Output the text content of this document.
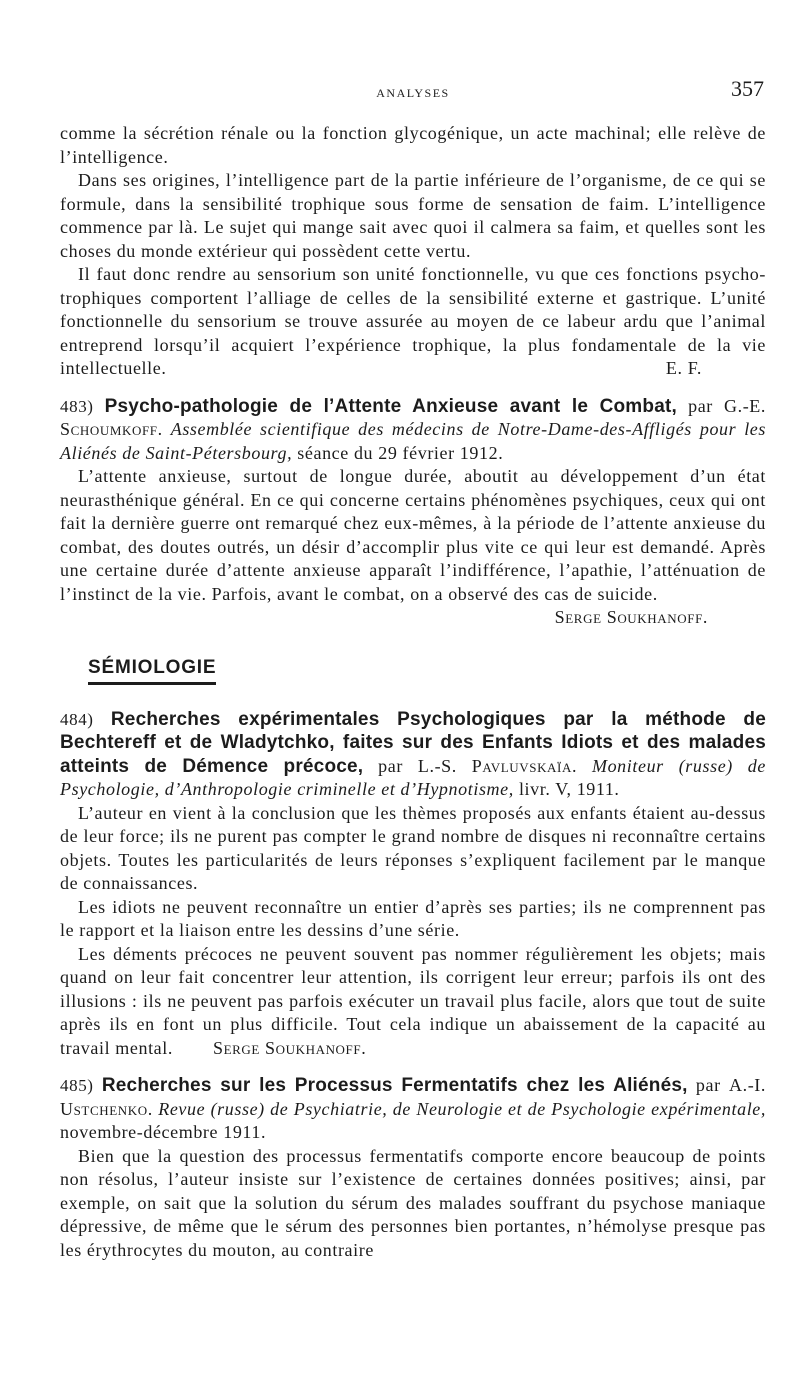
ANALYSES	357

comme la sécrétion rénale ou la fonction glycogénique, un acte machinal; elle relève de l’intelligence.

Dans ses origines, l’intelligence part de la partie inférieure de l’organisme, de ce qui se formule, dans la sensibilité trophique sous forme de sensation de faim. L’intelligence commence par là. Le sujet qui mange sait avec quoi il calmera sa faim, et quelles sont les choses du monde extérieur qui possèdent cette vertu.

Il faut donc rendre au sensorium son unité fonctionnelle, vu que ces fonctions psycho-trophiques comportent l’alliage de celles de la sensibilité externe et gastrique. L’unité fonctionnelle du sensorium se trouve assurée au moyen de ce labeur ardu que l’animal entreprend lorsqu’il acquiert l’expérience trophique, la plus fondamentale de la vie intellectuelle.	E. F.

483) Psycho-pathologie de l’Attente Anxieuse avant le Combat, par G.-E. Schoumkoff. Assemblée scientifique des médecins de Notre-Dame-des-Affligés pour les Aliénés de Saint-Pétersbourg, séance du 29 février 1912.

L’attente anxieuse, surtout de longue durée, aboutit au développement d’un état neurasthénique général. En ce qui concerne certains phénomènes psychiques, ceux qui ont fait la dernière guerre ont remarqué chez eux-mêmes, à la période de l’attente anxieuse du combat, des doutes outrés, un désir d’accomplir plus vite ce qui leur est demandé. Après une certaine durée d’attente anxieuse apparaît l’indifférence, l’apathie, l’atténuation de l’instinct de la vie. Parfois, avant le combat, on a observé des cas de suicide.

Serge Soukhanoff.
SÉMIOLOGIE

484) Recherches expérimentales Psychologiques par la méthode de Bechtereff et de Wladytchko, faites sur des Enfants Idiots et des malades atteints de Démence précoce, par L.-S. Pavluvskaïa. Moniteur (russe) de Psychologie, d’Anthropologie criminelle et d’Hypnotisme, livr. V, 1911.

L’auteur en vient à la conclusion que les thèmes proposés aux enfants étaient au-dessus de leur force; ils ne purent pas compter le grand nombre de disques ni reconnaître certains objets. Toutes les particularités de leurs réponses s’expliquent facilement par le manque de connaissances.

Les idiots ne peuvent reconnaître un entier d’après ses parties; ils ne comprennent pas le rapport et la liaison entre les dessins d’une série.

Les déments précoces ne peuvent souvent pas nommer régulièrement les objets; mais quand on leur fait concentrer leur attention, ils corrigent leur erreur; parfois ils ont des illusions : ils ne peuvent pas parfois exécuter un travail plus facile, alors que tout de suite après ils en font un plus difficile. Tout cela indique un abaissement de la capacité au travail mental. Serge Soukhanoff.

485) Recherches sur les Processus Fermentatifs chez les Aliénés, par A.-I. Ustchenko. Revue (russe) de Psychiatrie, de Neurologie et de Psychologie expérimentale, novembre-décembre 1911.

Bien que la question des processus fermentatifs comporte encore beaucoup de points non résolus, l’auteur insiste sur l’existence de certaines données positives; ainsi, par exemple, on sait que la solution du sérum des malades souffrant du psychose maniaque dépressive, de même que le sérum des personnes bien portantes, n’hémolyse presque pas les érythrocytes du mouton, au contraire
